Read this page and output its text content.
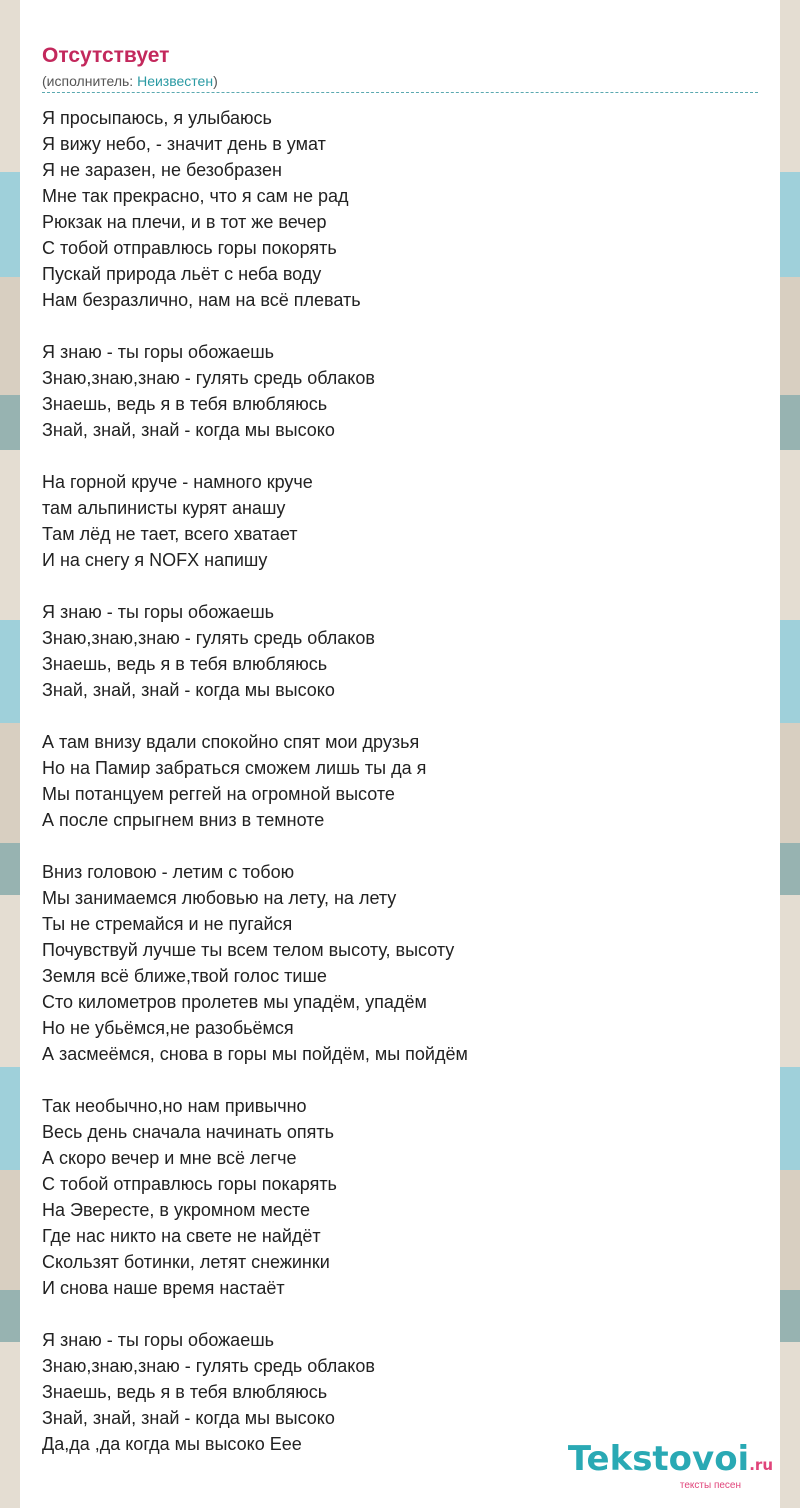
Отсутствует
(исполнитель: Неизвестен)
Я просыпаюсь, я улыбаюсь
Я вижу небо, - значит день в умат
Я не заразен, не безобразен
Мне так прекрасно, что я сам не рад
Рюкзак на плечи, и в тот же вечер
С тобой отправлюсь горы покорять
Пускай природа льёт с неба воду
Нам безразлично, нам на всё плевать
Я знаю - ты горы обожаешь
Знаю,знаю,знаю - гулять средь облаков
Знаешь, ведь я в тебя влюбляюсь
Знай, знай, знай - когда мы высоко
На горной круче - намного круче
там альпинисты курят анашу
Там лёд не тает, всего хватает
И на снегу я NOFX напишу
Я знаю - ты горы обожаешь
Знаю,знаю,знаю - гулять средь облаков
Знаешь, ведь я в тебя влюбляюсь
Знай, знай, знай - когда мы высоко
А там внизу вдали спокойно спят мои друзья
Но на Памир забраться сможем лишь ты да я
Мы потанцуем реггей на огромной высоте
А после спрыгнем вниз в темноте
Вниз головою - летим с тобою
Мы занимаемся любовью на лету, на лету
Ты не стремайся и не пугайся
Почувствуй лучше ты всем телом высоту, высоту
Земля всё ближе,твой голос тише
Сто километров пролетев мы упадём, упадём
Но не убьёмся,не разобьёмся
А засмеёмся, снова в горы мы пойдём, мы пойдём
Так необычно,но нам привычно
Весь день сначала начинать опять
А скоро вечер и мне всё легче
С тобой отправлюсь горы покарять
На Эвересте, в укромном месте
Где нас никто на свете не найдёт
Скользят ботинки, летят снежинки
И снова наше время настаёт
Я знаю - ты горы обожаешь
Знаю,знаю,знаю - гулять средь облаков
Знаешь, ведь я в тебя влюбляюсь
Знай, знай, знай - когда мы высоко
Да,да ,да когда мы высоко Еее	Tekstovoi.ru
тексты песен
